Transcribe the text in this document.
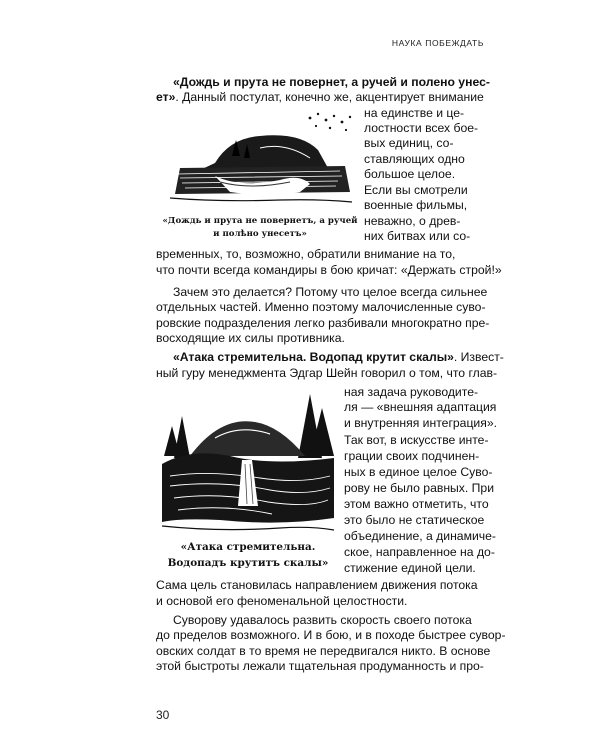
НАУКА ПОБЕЖДАТЬ
«Дождь и прута не повернет, а ручей и полено унес-
ет». Данный постулат, конечно же, акцентирует внимание
на единстве и це-
лостности всех бое-
вых единиц, со-
ставляющих одно
большое целое.
Если вы смотрели
военные фильмы,
неважно, о древ-
них битвах или со-
временных, то, возможно, обратили внимание на то,
что почти всегда командиры в бою кричат: «Держать строй!»
«Дождь и прута не повернетъ, а ручей
и полѣно унесетъ»
Зачем это делается? Потому что целое всегда сильнее
отдельных частей. Именно поэтому малочисленные суво-
ровские подразделения легко разбивали многократно пре-
восходящие их силы противника.
«Атака стремительна. Водопад крутит скалы». Извест-
ный гуру менеджмента Эдгар Шейн говорил о том, что глав-
ная задача руководите-
ля — «внешняя адаптация
и внутренняя интеграция».
Так вот, в искусстве инте-
грации своих подчинен-
ных в единое целое Суво-
рову не было равных. При
этом важно отметить, что
это было не статическое
объединение, а динамиче-
ское, направленное на до-
стижение единой цели.
Сама цель становилась направлением движения потока
и основой его феноменальной целостности.
«Атака стремительна.
Водопадъ крутитъ скалы»
Суворову удавалось развить скорость своего потока
до пределов возможного. И в бою, и в походе быстрее сувор-
овских солдат в то время не передвигался никто. В основе
этой быстроты лежали тщательная продуманность и про-
30
